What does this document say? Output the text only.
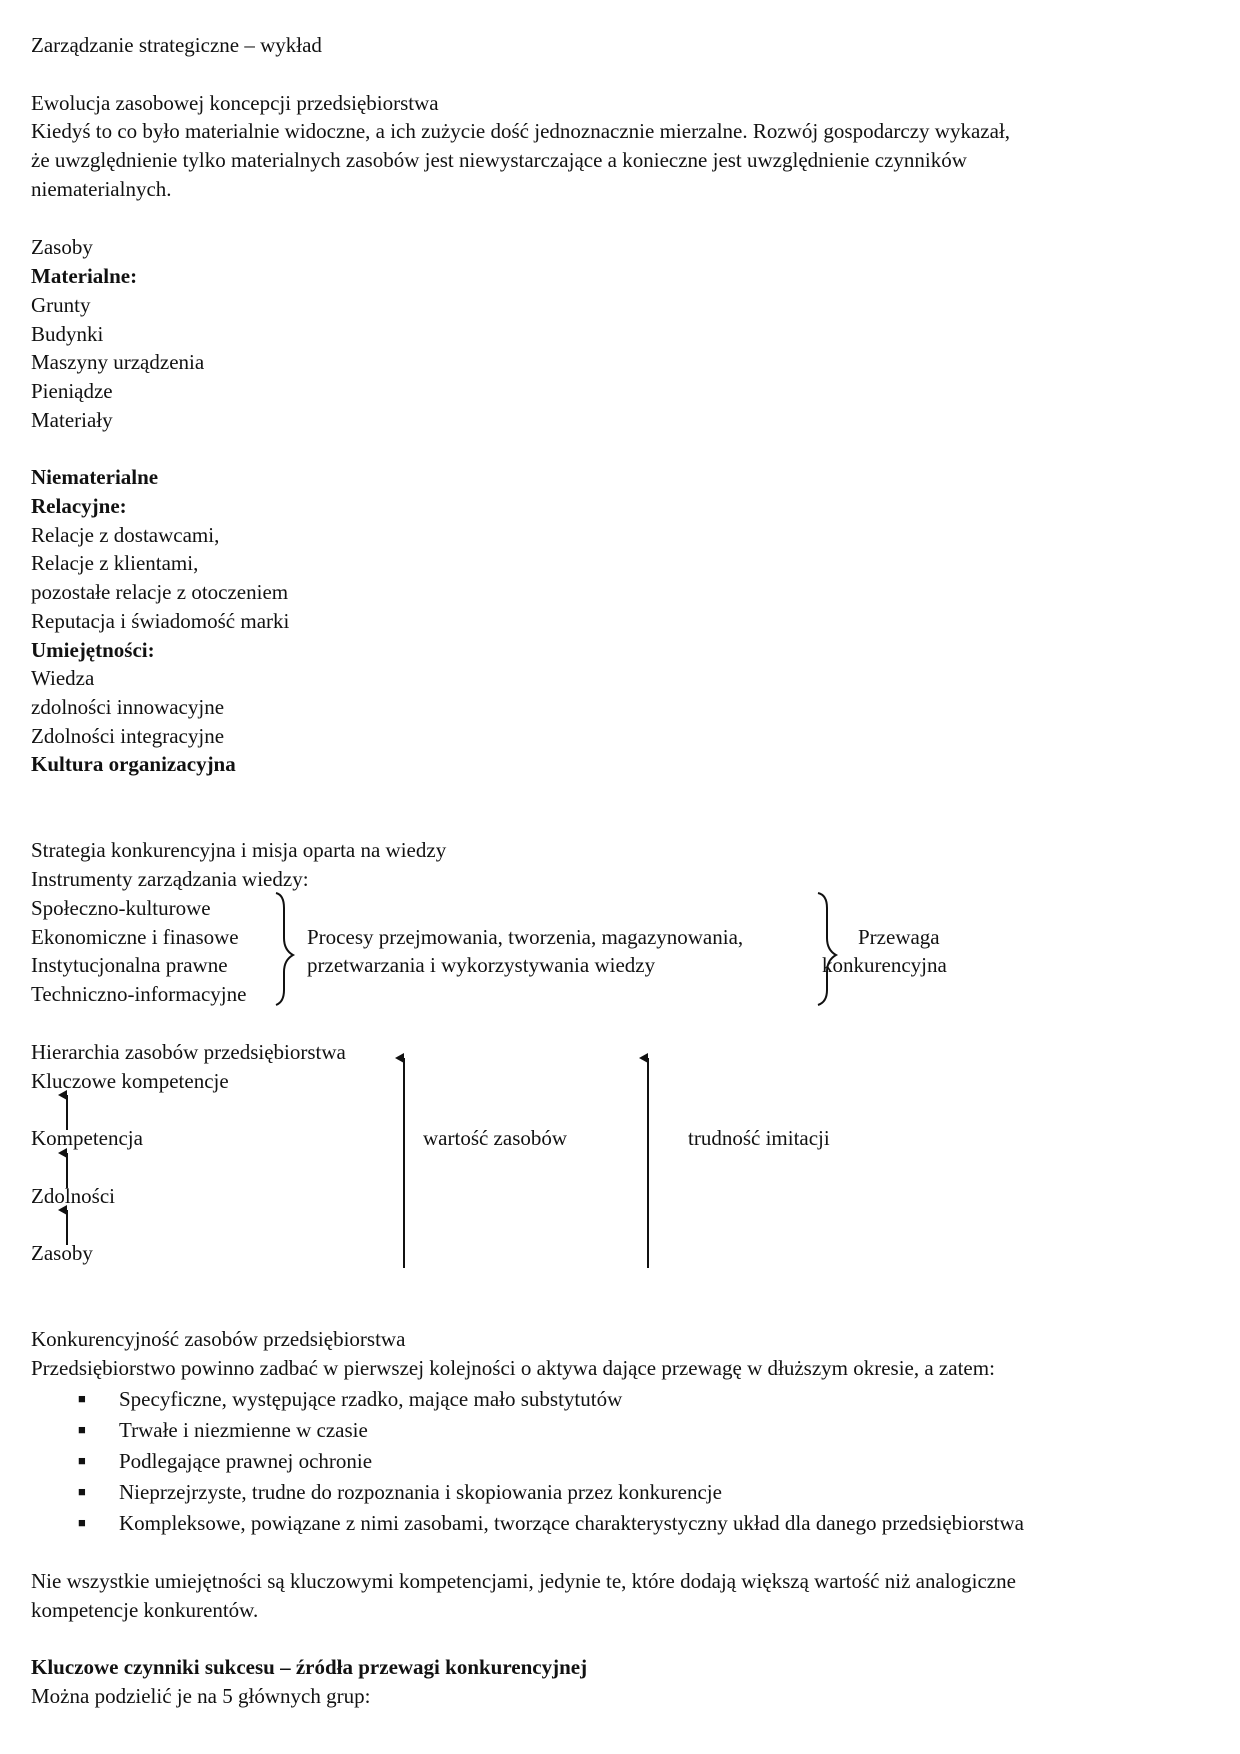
Zarządzanie strategiczne – wykład
Ewolucja zasobowej koncepcji przedsiębiorstwa
Kiedyś to co było materialnie widoczne, a ich zużycie dość jednoznacznie mierzalne. Rozwój gospodarczy wykazał,
że uwzględnienie tylko materialnych zasobów jest niewystarczające a konieczne jest uwzględnienie czynników
niematerialnych.
Zasoby
Materialne:
Grunty
Budynki
Maszyny urządzenia
Pieniądze
Materiały
Niematerialne
Relacyjne:
Relacje z dostawcami,
Relacje z klientami,
pozostałe relacje z otoczeniem
Reputacja i świadomość marki
Umiejętności:
Wiedza
zdolności innowacyjne
Zdolności integracyjne
Kultura organizacyjna
Strategia konkurencyjna i misja oparta na wiedzy
Instrumenty zarządzania wiedzy:
Społeczno-kulturowe
Ekonomiczne i finasowe
Instytucjonalna prawne
Techniczno-informacyjne
Procesy przejmowania, tworzenia, magazynowania,
przetwarzania i wykorzystywania wiedzy
Przewaga
konkurencyjna
Hierarchia zasobów przedsiębiorstwa
Kluczowe kompetencje
Kompetencja
Zdolności
Zasoby
wartość zasobów	trudność imitacji
Konkurencyjność zasobów przedsiębiorstwa
Przedsiębiorstwo powinno zadbać w pierwszej kolejności o aktywa dające przewagę w dłuższym okresie, a zatem:
■ Specyficzne, występujące rzadko, mające mało substytutów
■ Trwałe i niezmienne w czasie
■ Podlegające prawnej ochronie
■ Nieprzejrzyste, trudne do rozpoznania i skopiowania przez konkurencje
■ Kompleksowe, powiązane z nimi zasobami, tworzące charakterystyczny układ dla danego przedsiębiorstwa
Nie wszystkie umiejętności są kluczowymi kompetencjami, jedynie te, które dodają większą wartość niż analogiczne
kompetencje konkurentów.
Kluczowe czynniki sukcesu – źródła przewagi konkurencyjnej
Można podzielić je na 5 głównych grup:
